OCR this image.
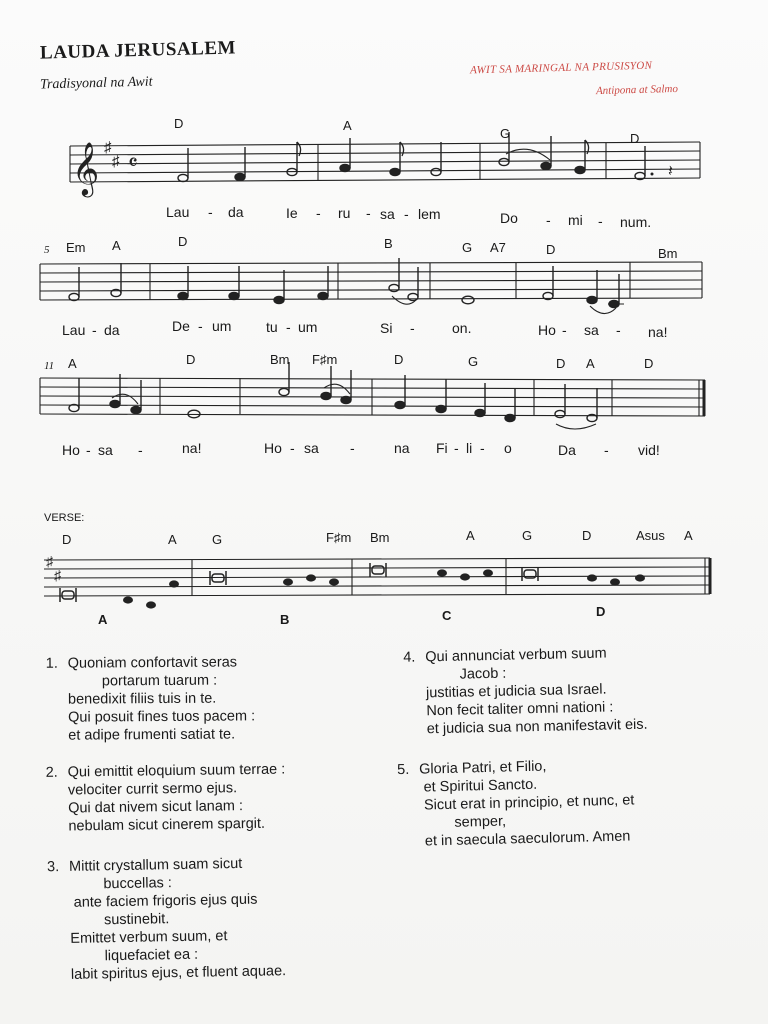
LAUDA JERUSALEM
Tradisyonal na Awit
AWIT SA MARINGAL NA PRUSISYON
Antipona at Salmo
𝄞 ♯
♯ 𝄴	𝄽
D	A
G	D
Lau - da	Ie - ru - sa - lem	Do - mi - num.
5 Em A	D	B	G A7	D	Bm
Lau - da	De - um tu - um	Si -	on.	Ho - sa - na!
11 A	D	Bm F♯m	D	G	D A	D
Ho - sa -	na!	Ho - sa -	na Fi - li - o	Da - vid!
VERSE:
♯
♯
D	A	G	F♯m Bm	A	G	D	Asus A
A	B	C	D
1. Quoniam confortavit seras
portarum tuarum :
benedixit filiis tuis in te.
Qui posuit fines tuos pacem :
et adipe frumenti satiat te.
2. Qui emittit eloquium suum terrae :
velociter currit sermo ejus.
Qui dat nivem sicut lanam :
nebulam sicut cinerem spargit.
3. Mittit crystallum suam sicut
buccellas :
ante faciem frigoris ejus quis
sustinebit.
Emittet verbum suum, et
liquefaciet ea :
labit spiritus ejus, et fluent aquae.
4. Qui annunciat verbum suum
Jacob :
justitias et judicia sua Israel.
Non fecit taliter omni nationi :
et judicia sua non manifestavit eis.
5. Gloria Patri, et Filio,
et Spiritui Sancto.
Sicut erat in principio, et nunc, et
semper,
et in saecula saeculorum. Amen
